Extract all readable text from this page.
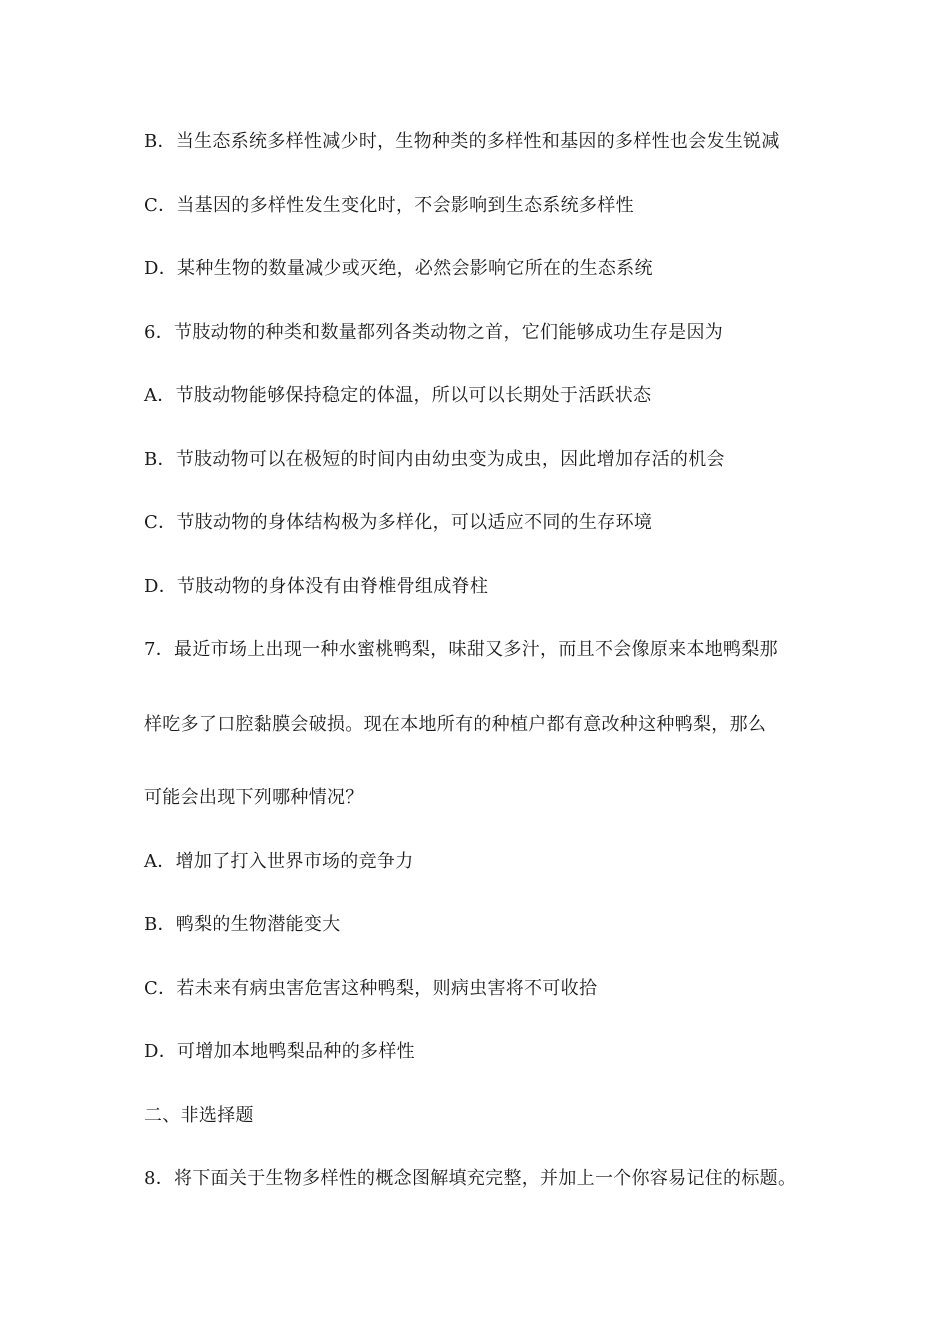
B．当生态系统多样性减少时，生物种类的多样性和基因的多样性也会发生锐减
C．当基因的多样性发生变化时，不会影响到生态系统多样性
D．某种生物的数量减少或灭绝，必然会影响它所在的生态系统
6．节肢动物的种类和数量都列各类动物之首，它们能够成功生存是因为
A．节肢动物能够保持稳定的体温，所以可以长期处于活跃状态
B．节肢动物可以在极短的时间内由幼虫变为成虫，因此增加存活的机会
C．节肢动物的身体结构极为多样化，可以适应不同的生存环境
D．节肢动物的身体没有由脊椎骨组成脊柱
7．最近市场上出现一种水蜜桃鸭梨，味甜又多汁，而且不会像原来本地鸭梨那
样吃多了口腔黏膜会破损。现在本地所有的种植户都有意改种这种鸭梨，那么
可能会出现下列哪种情况？
A．增加了打入世界市场的竞争力
B．鸭梨的生物潜能变大
C．若未来有病虫害危害这种鸭梨，则病虫害将不可收拾
D．可增加本地鸭梨品种的多样性
二、非选择题
8．将下面关于生物多样性的概念图解填充完整，并加上一个你容易记住的标题。
